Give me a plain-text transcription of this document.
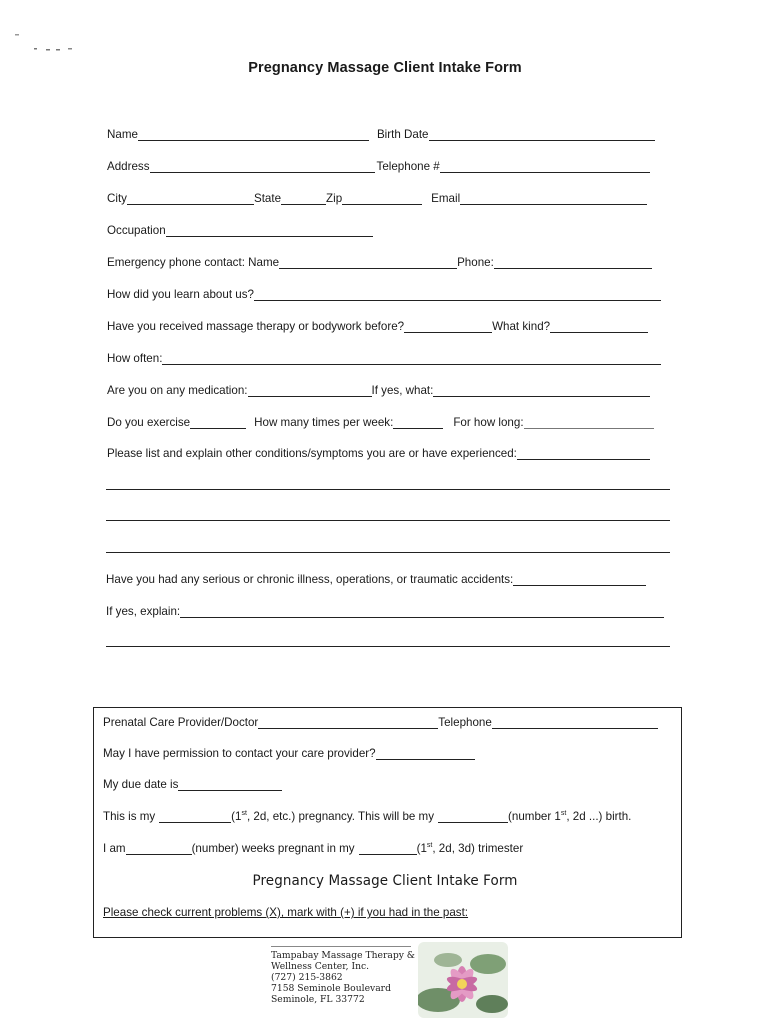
Pregnancy Massage Client Intake Form
Name	Birth Date
Address	Telephone #
City	State	Zip	Email
Occupation
Emergency phone contact: Name	Phone:
How did you learn about us?
Have you received massage therapy or bodywork before?	What kind?
How often:
Are you on any medication:	If yes, what:
Do you exercise	How many times per week:	For how long:
Please list and explain other conditions/symptoms you are or have experienced:
Have you had any serious or chronic illness, operations, or traumatic accidents:
If yes, explain:
Prenatal Care Provider/Doctor	Telephone
May I have permission to contact your care provider?
My due date is
This is my	(1st, 2d, etc.) pregnancy. This will be my	(number 1st, 2d ...) birth.
I am	(number) weeks pregnant in my	(1st, 2d, 3d) trimester
Pregnancy Massage Client Intake Form
Please check current problems (X), mark with (+) if you had in the past:
Tampabay Massage Therapy &
Wellness Center, Inc.
(727) 215-3862
7158 Seminole Boulevard
Seminole, FL 33772
